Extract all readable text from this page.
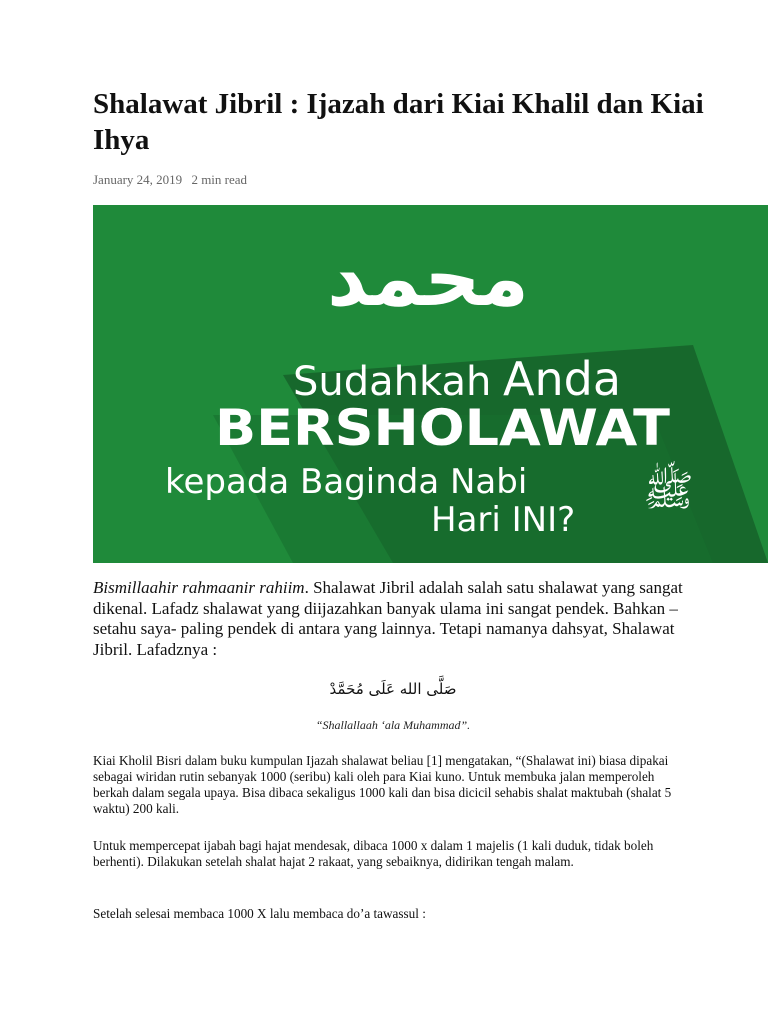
Shalawat Jibril : Ijazah dari Kiai Khalil dan Kiai Ihya
January 24, 2019 2 min read
محمد
Sudahkah Anda
BERSHOLAWAT
kepada Baginda Nabi
Hari INI?
ﷺ

Bismillaahir rahmaanir rahiim. Shalawat Jibril adalah salah satu shalawat yang sangat dikenal. Lafadz shalawat yang diijazahkan banyak ulama ini sangat pendek. Bahkan – setahu saya- paling pendek di antara yang lainnya. Tetapi namanya dahsyat, Shalawat Jibril. Lafadznya :

صَلَّى الله عَلَى مُحَمَّدْ
“Shallallaah ‘ala Muhammad”.

Kiai Kholil Bisri dalam buku kumpulan Ijazah shalawat beliau [1] mengatakan, “(Shalawat ini) biasa dipakai sebagai wiridan rutin sebanyak 1000 (seribu) kali oleh para Kiai kuno. Untuk membuka jalan memperoleh berkah dalam segala upaya. Bisa dibaca sekaligus 1000 kali dan bisa dicicil sehabis shalat maktubah (shalat 5 waktu) 200 kali.

Untuk mempercepat ijabah bagi hajat mendesak, dibaca 1000 x dalam 1 majelis (1 kali duduk, tidak boleh berhenti). Dilakukan setelah shalat hajat 2 rakaat, yang sebaiknya, didirikan tengah malam.

Setelah selesai membaca 1000 X lalu membaca do’a tawassul :
